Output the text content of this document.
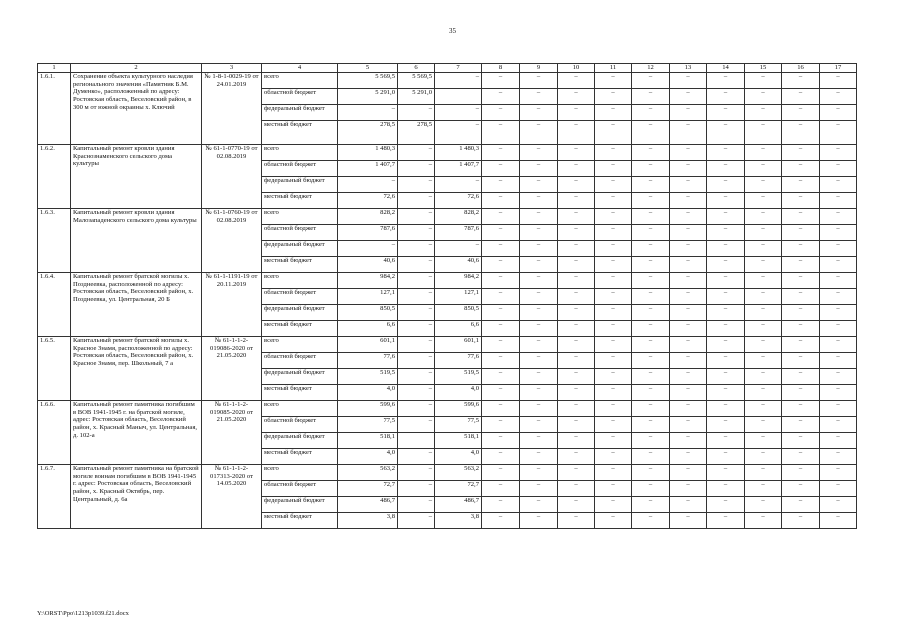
35
1	2	3	4	5	6	7	8	9	10	11	12	13	14	15	16	17
1.6.1.	Сохранение объекта культурного наследия регионального значения «Памятник Б.М. Думенко», расположенный по адресу: Ростовская область, Веселовский район, в 300 м от южной окраины х. Ключий	№ 1-8-1-0029-19 от 24.01.2019	всего	5 569,5	5 569,5	–	–	–	–	–	–	–	–	–	–	–
			областной бюджет	5 291,0	5 291,0		–	–	–	–	–	–	–	–	–	–
			федеральный бюджет	–	–	–	–	–	–	–	–	–	–	–	–	–
			местный бюджет	278,5	278,5	–	–	–	–	–	–	–	–	–	–	–
1.6.2.	Капитальный ремонт кровли здания Краснознаменского сельского дома культуры	№ 61-1-0770-19 от 02.08.2019	всего	1 480,3	–	1 480,3	–	–	–	–	–	–	–	–	–	–
			областной бюджет	1 407,7	–	1 407,7	–	–	–	–	–	–	–	–	–	–
			федеральный бюджет	–	–	–	–	–	–	–	–	–	–	–	–	–
			местный бюджет	72,6	–	72,6	–	–	–	–	–	–	–	–	–	–
1.6.3.	Капитальный ремонт кровли здания Малозападенского сельского дома культуры	№ 61-1-0760-19 от 02.08.2019	всего	828,2	–	828,2	–	–	–	–	–	–	–	–	–	–
			областной бюджет	787,6	–	787,6	–	–	–	–	–	–	–	–	–	–
			федеральный бюджет	–	–	–	–	–	–	–	–	–	–	–	–	–
			местный бюджет	40,6	–	40,6	–	–	–	–	–	–	–	–	–	–
1.6.4.	Капитальный ремонт братской могилы х. Позднеевка, расположенной по адресу: Ростовская область, Веселовский район, х. Позднеевка, ул. Центральная, 20 Б	№ 61-1-1191-19 от 20.11.2019	всего	984,2	–	984,2	–	–	–	–	–	–	–	–	–	–
			областной бюджет	127,1	–	127,1	–	–	–	–	–	–	–	–	–	–
			федеральный бюджет	850,5	–	850,5	–	–	–	–	–	–	–	–	–	–
			местный бюджет	6,6	–	6,6	–	–	–	–	–	–	–	–	–	–
1.6.5.	Капитальный ремонт братской могилы х. Красное Знамя, расположенной по адресу: Ростовская область, Веселовский район, х. Красное Знамя, пер. Школьный, 7 а	№ 61-1-1-2-019086-2020 от 21.05.2020	всего	601,1	–	601,1	–	–	–	–	–	–	–	–	–	–
			областной бюджет	77,6	–	77,6	–	–	–	–	–	–	–	–	–	–
			федеральный бюджет	519,5	–	519,5	–	–	–	–	–	–	–	–	–	–
			местный бюджет	4,0	–	4,0	–	–	–	–	–	–	–	–	–	–
1.6.6.	Капитальный ремонт памятника погибшим в ВОВ 1941-1945 г. на братской могиле, адрес: Ростовская область, Веселовский район, х. Красный Маныч, ул. Центральная, д. 102-а	№ 61-1-1-2-019085-2020 от 21.05.2020	всего	599,6	–	599,6	–	–	–	–	–	–	–	–	–	–
			областной бюджет	77,5	–	77,5	–	–	–	–	–	–	–	–	–	–
			федеральный бюджет	518,1		518,1	–	–	–	–	–	–	–	–	–	–
			местный бюджет	4,0	–	4,0	–	–	–	–	–	–	–	–	–	–
1.6.7.	Капитальный ремонт памятника на братской могиле воинам погибшим в ВОВ 1941-1945 г. адрес: Ростовская область, Веселовский район, х. Красный Октябрь, пер. Центральный, д. 6а	№ 61-1-1-2-017313-2020 от 14.05.2020	всего	563,2	–	563,2	–	–	–	–	–	–	–	–	–	–
			областной бюджет	72,7	–	72,7	–	–	–	–	–	–	–	–	–	–
			федеральный бюджет	486,7	–	486,7	–	–	–	–	–	–	–	–	–	–
			местный бюджет	3,8	–	3,8	–	–	–	–	–	–	–	–	–	–
Y:\ORST\Ppo\1213p1039.f21.docx
